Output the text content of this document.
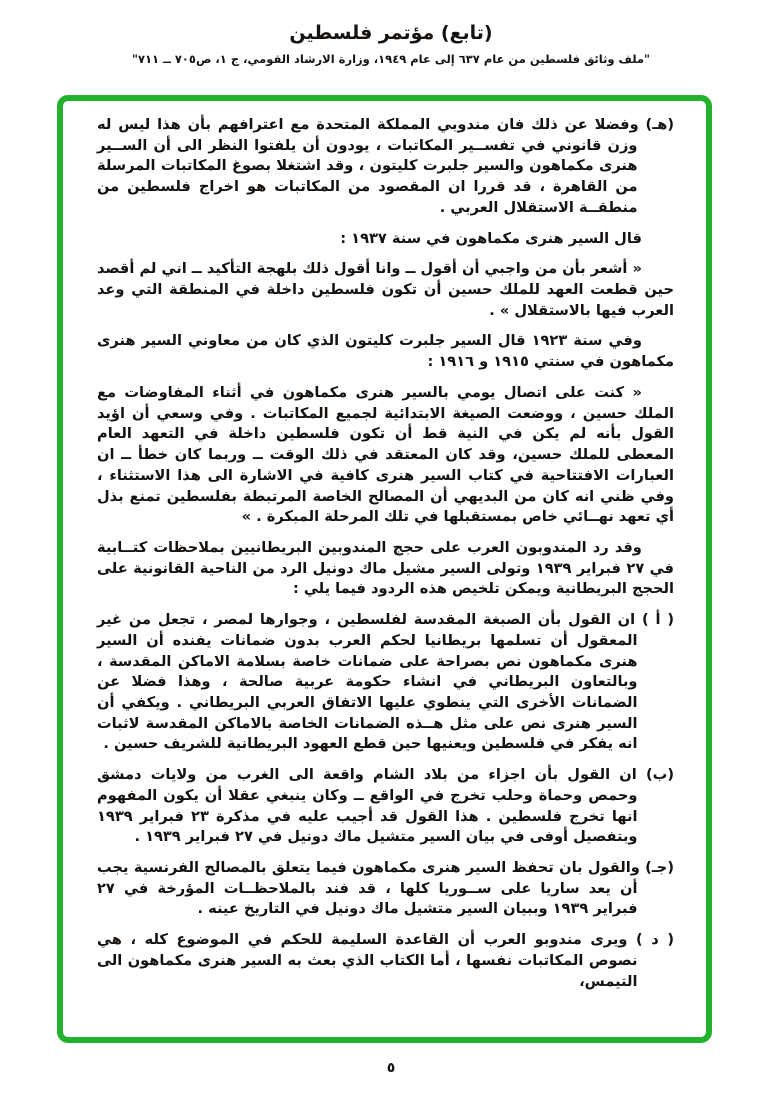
(تابع) مؤتمر فلسطين
"ملف وثائق فلسطين من عام ٦٣٧ إلى عام ١٩٤٩، وزارة الارشاد القومي، ج ١، ص٧٠٥ ــ ٧١١"

(هـ) وفضلا عن ذلك فان مندوبي المملكة المتحدة مع اعترافهم بأن هذا ليس له وزن قانوني في تفســير المكاتبات ، يودون أن يلفتوا النظر الى أن الســير هنرى مكماهون والسير جلبرت كليتون ، وقد اشتغلا بصوغ المكاتبات المرسلة من القاهرة ، قد قررا ان المقصود من المكاتبات هو اخراج فلسطين من منطقــة الاستقلال العربي .

قال السير هنرى مكماهون في سنة ١٩٣٧ :

« أشعر بأن من واجبي أن أقول ــ وانا أقول ذلك بلهجة التأكيد ــ اني لم أقصد حين قطعت العهد للملك حسين أن تكون فلسطين داخلة في المنطقة التي وعد العرب فيها بالاستقلال » .

وفي سنة ١٩٢٣ قال السير جلبرت كليتون الذي كان من معاوني السير هنرى مكماهون في سنتي ١٩١٥ و ١٩١٦ :

« كنت على اتصال يومي بالسير هنرى مكماهون في أثناء المفاوضات مع الملك حسين ، ووضعت الصيغة الابتدائية لجميع المكاتبات . وفي وسعي أن اؤيد القول بأنه لم يكن في النية قط أن تكون فلسطين داخلة في التعهد العام المعطى للملك حسين، وقد كان المعتقد في ذلك الوقت ــ وربما كان خطأ ــ ان العبارات الافتتاحية في كتاب السير هنرى كافية في الاشارة الى هذا الاستثناء ، وفي ظني انه كان من البديهي أن المصالح الخاصة المرتبطة بفلسطين تمنع بذل أي تعهد نهــائي خاص بمستقبلها في تلك المرحلة المبكرة . »

وقد رد المندوبون العرب على حجج المندوبين البريطانيين بملاحظات كتــابية في ٢٧ فبراير ١٩٣٩ وتولى السير مشيل ماك دونيل الرد من الناحية القانونية على الحجج البريطانية ويمكن تلخيص هذه الردود فيما يلي :

( أ ) ان القول بأن الصبغة المقدسة لفلسطين ، وجوارها لمصر ، تجعل من غير المعقول أن تسلمها بريطانيا لحكم العرب بدون ضمانات يفنده أن السير هنرى مكماهون نص بصراحة على ضمانات خاصة بسلامة الاماكن المقدسة ، وبالتعاون البريطاني في انشاء حكومة عربية صالحة ، وهذا فضلا عن الضمانات الأخرى التي ينطوي عليها الاتفاق العربي البريطاني . ويكفي أن السير هنرى نص على مثل هــذه الضمانات الخاصة بالاماكن المقدسة لاثبات انه يفكر في فلسطين ويعنيها حين قطع العهود البريطانية للشريف حسين .

(ب) ان القول بأن اجزاء من بلاد الشام واقعة الى الغرب من ولايات دمشق وحمص وحماة وحلب تخرج في الواقع ــ وكان ينبغي عقلا أن يكون المفهوم انها تخرج فلسطين . هذا القول قد أجيب عليه في مذكرة ٢٣ فبراير ١٩٣٩ وبتفصيل أوفى في بيان السير متشيل ماك دونيل في ٢٧ فبراير ١٩٣٩ .

(جـ) والقول بان تحفظ السير هنرى مكماهون فيما يتعلق بالمصالح الفرنسية يجب أن يعد ساريا على ســوريا كلها ، قد فند بالملاحظــات المؤرخة في ٢٧ فبراير ١٩٣٩ وببيان السير متشيل ماك دونيل في التاريخ عينه .

( د ) ويرى مندوبو العرب أن القاعدة السليمة للحكم في الموضوع كله ، هي نصوص المكاتبات نفسها ، أما الكتاب الذي بعث به السير هنرى مكماهون الى التيمس،

٥
